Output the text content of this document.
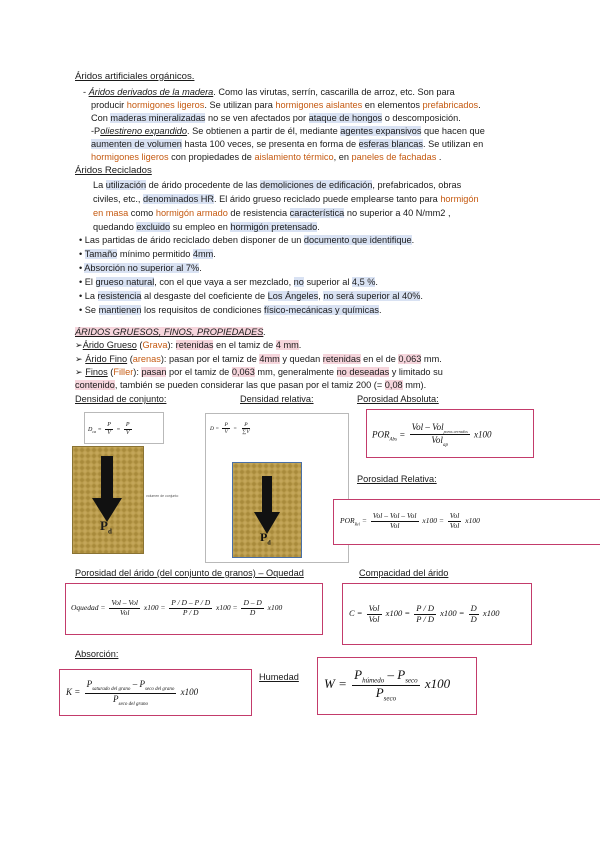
Áridos artificiales orgánicos.
- Áridos derivados de la madera. Como las virutas, serrín, cascarilla de arroz, etc. Son para
producir hormigones ligeros. Se utilizan para hormigones aislantes en elementos prefabricados.
Con maderas mineralizadas no se ven afectados por ataque de hongos o descomposición.
-Poliestireno expandido. Se obtienen a partir de él, mediante agentes expansivos que hacen que
aumenten de volumen hasta 100 veces, se presenta en forma de esferas blancas. Se utilizan en
hormigones ligeros con propiedades de aislamiento térmico, en paneles de fachadas .
Áridos Reciclados
La utilización de árido procedente de las demoliciones de edificación, prefabricados, obras
civiles, etc., denominados HR. El árido grueso reciclado puede emplearse tanto para hormigón
en masa como hormigón armado de resistencia característica no superior a 40 N/mm2 ,
quedando excluido su empleo en hormigón pretensado.
• Las partidas de árido reciclado deben disponer de un documento que identifique.
• Tamaño mínimo permitido 4mm.
• Absorción no superior al 7%.
• El grueso natural, con el que vaya a ser mezclado, no superior al 4,5 %.
• La resistencia al desgaste del coeficiente de Los Ángeles, no será superior al 40%.
• Se mantienen los requisitos de condiciones físico-mecánicas y químicas.
ÁRIDOS GRUESOS, FINOS, PROPIEDADES.
➢Árido Grueso (Grava): retenidas en el tamiz de 4 mm.
➢ Árido Fino (arenas): pasan por el tamiz de 4mm y quedan retenidas en el de 0,063 mm.
➢ Finos (Filler): pasan por el tamiz de 0,063 mm, generalmente no deseadas y limitado su
contenido, también se pueden considerar las que pasan por el tamiz 200 (= 0,08 mm).
Densidad de conjunto:	Densidad relativa:	Porosidad Absoluta:
$D_{ca} = \frac{P}{V} = \frac{P}{V}$
$P_d$
volumen de conjunto
$D = \frac{P}{V} = \frac{P}{\sum V}$
$P_d$
$POR_{Abs} = \frac{Vol - Vol_{poros cerrados}}{Vol_{ap}} x100$
Porosidad Relativa:
$POR_{Rel} = \frac{\text{Vol – Vol – Vol}}{\text{Vol}} x100 = \frac{\text{Vol}}{\text{Vol}} x100$
Porosidad del árido (del conjunto de granos) – Oquedad	Compacidad del árido
Oquedad = $\frac{\text{Vol – Vol}}{\text{Vol}} x100 = \frac{P / D - P / D}{P / D} x100 = \frac{D - D}{D} x100$
$C = \frac{\text{Vol}}{\text{Vol}} x100 = \frac{P / D}{P / D} x100 = \frac{D}{D} x100$
Absorción:
Humedad
$K = \frac{P_{saturado del grano} - P_{seco del grano}}{P_{seco del grano}} x100$
$W = \frac{P_{húmedo} - P_{seco}}{P_{seco}} x100$
